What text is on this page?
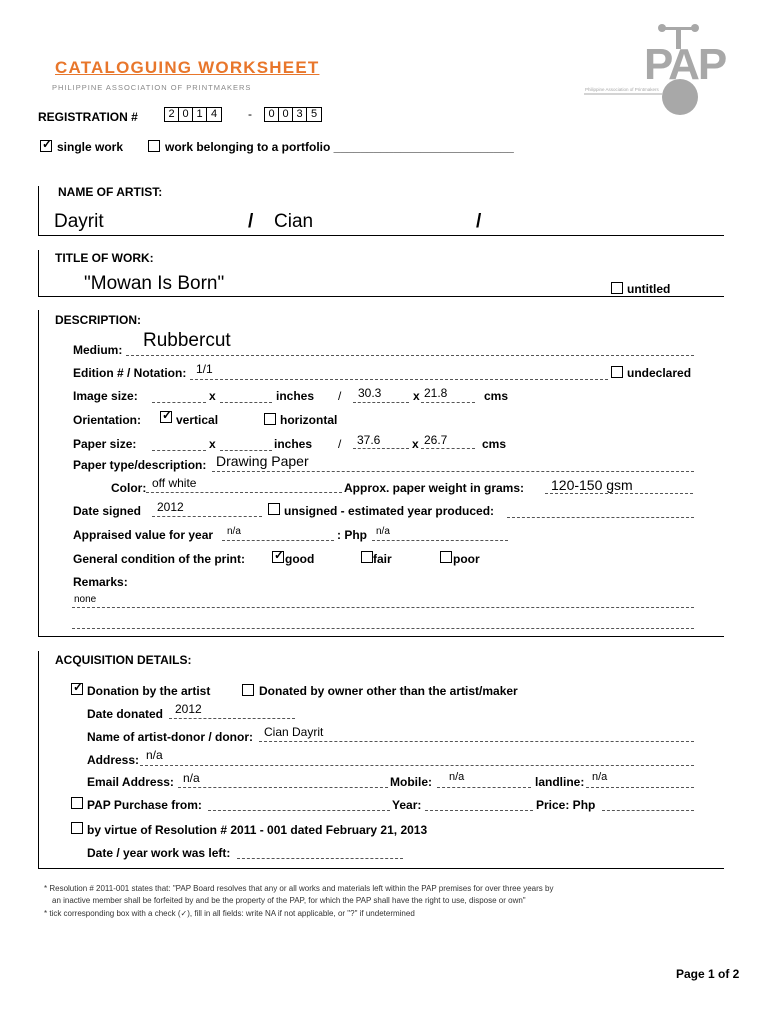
CATALOGUING WORKSHEET
PHILIPPINE ASSOCIATION OF PRINTMAKERS	PAP
Philippine Association of Printmakers
REGISTRATION #	2 0 1 4	-	0 0 3 5
✓ single work	work belonging to a portfolio ___________________________
NAME OF ARTIST:
Dayrit	/ Cian	/
TITLE OF WORK:
"Mowan Is Born"	untitled
DESCRIPTION:
Medium: Rubbercut
Edition # / Notation: 1/1	undeclared
Image size:	x	inches / 30.3	x 21.8	cms
Orientation: ✓ vertical	horizontal
Paper size:	x	inches / 37.6	x 26.7	cms
Paper type/description: Drawing Paper
Color: off white	Approx. paper weight in grams: 120-150 gsm
Date signed 2012	unsigned - estimated year produced:
Appraised value for year n/a	: Php n/a
General condition of the print: ✓ good	fair	poor
Remarks:
none
ACQUISITION DETAILS:
✓ Donation by the artist	Donated by owner other than the artist/maker
Date donated 2012
Name of artist-donor / donor: Cian Dayrit
Address: n/a
Email Address: n/a	Mobile: n/a	landline: n/a
PAP Purchase from:	Year:	Price: Php
by virtue of Resolution # 2011 - 001 dated February 21, 2013
Date / year work was left:
* Resolution # 2011-001 states that: "PAP Board resolves that any or all works and materials left within the PAP premises for over three years by
an inactive member shall be forfeited by and be the property of the PAP, for which the PAP shall have the right to use, dispose or own"
* tick corresponding box with a check (✓), fill in all fields: write NA if not applicable, or "?" if undetermined
Page 1 of 2
